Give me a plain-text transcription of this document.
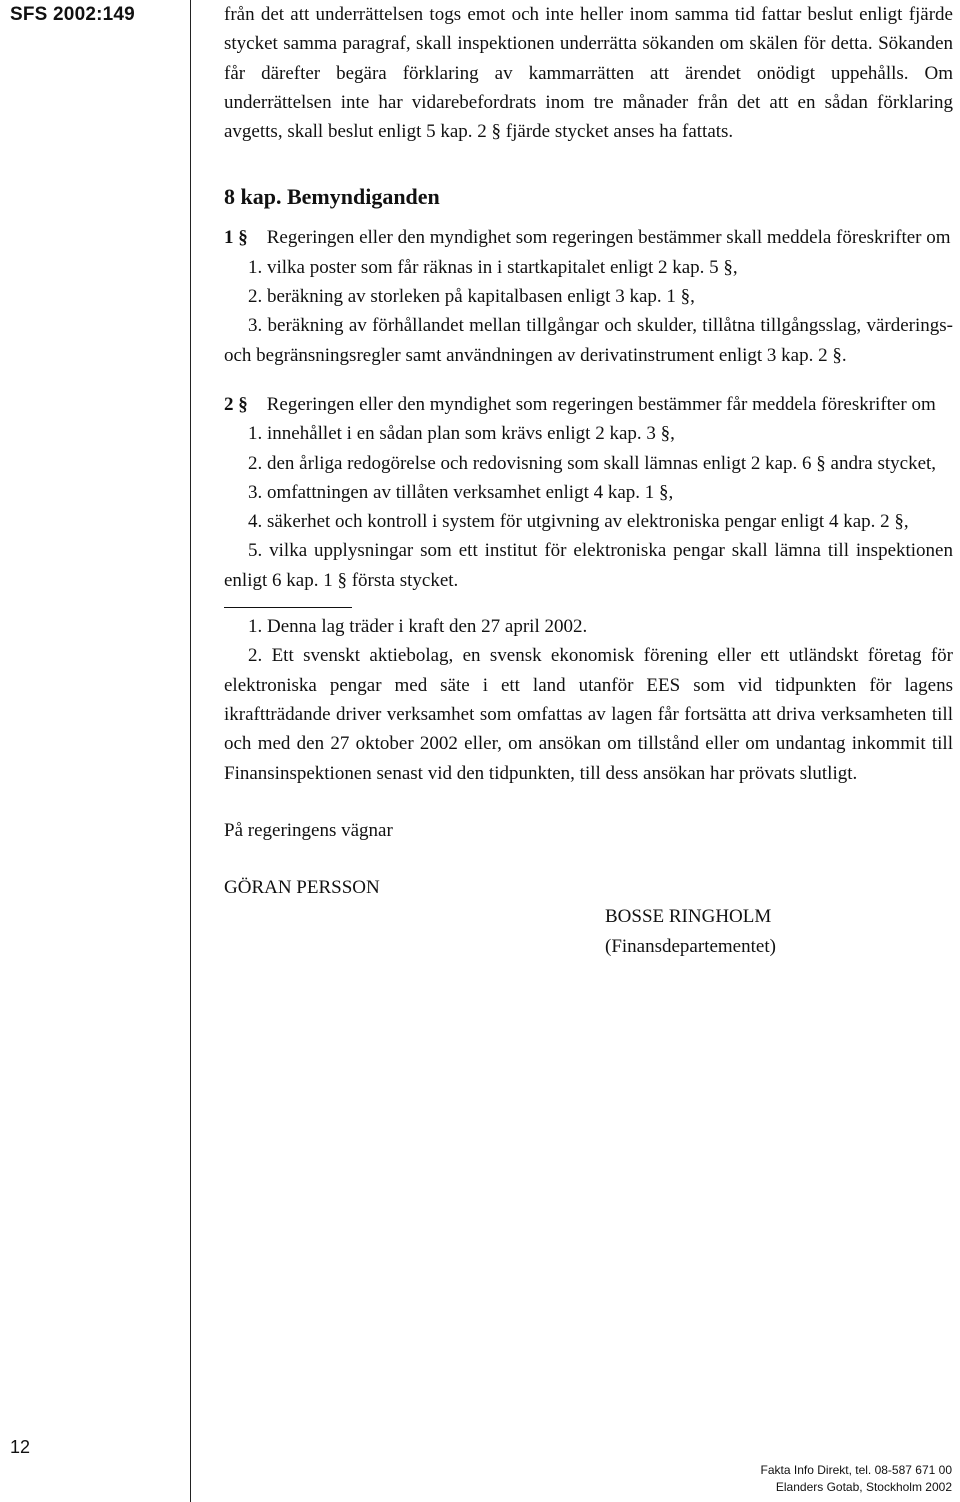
SFS 2002:149
12

från det att underrättelsen togs emot och inte heller inom samma tid fattar beslut enligt fjärde stycket samma paragraf, skall inspektionen underrätta sökanden om skälen för detta. Sökanden får därefter begära förklaring av kammarrätten att ärendet onödigt uppehålls. Om underrättelsen inte har vidarebefordrats inom tre månader från det att en sådan förklaring avgetts, skall beslut enligt 5 kap. 2 § fjärde stycket anses ha fattats.

8 kap. Bemyndiganden

1 § Regeringen eller den myndighet som regeringen bestämmer skall meddela föreskrifter om

1. vilka poster som får räknas in i startkapitalet enligt 2 kap. 5 §,

2. beräkning av storleken på kapitalbasen enligt 3 kap. 1 §,

3. beräkning av förhållandet mellan tillgångar och skulder, tillåtna tillgångsslag, värderings- och begränsningsregler samt användningen av derivatinstrument enligt 3 kap. 2 §.

2 § Regeringen eller den myndighet som regeringen bestämmer får meddela föreskrifter om

1. innehållet i en sådan plan som krävs enligt 2 kap. 3 §,

2. den årliga redogörelse och redovisning som skall lämnas enligt 2 kap. 6 § andra stycket,

3. omfattningen av tillåten verksamhet enligt 4 kap. 1 §,

4. säkerhet och kontroll i system för utgivning av elektroniska pengar enligt 4 kap. 2 §,

5. vilka upplysningar som ett institut för elektroniska pengar skall lämna till inspektionen enligt 6 kap. 1 § första stycket.

1. Denna lag träder i kraft den 27 april 2002.

2. Ett svenskt aktiebolag, en svensk ekonomisk förening eller ett utländskt företag för elektroniska pengar med säte i ett land utanför EES som vid tidpunkten för lagens ikraftträdande driver verksamhet som omfattas av lagen får fortsätta att driva verksamheten till och med den 27 oktober 2002 eller, om ansökan om tillstånd eller om undantag inkommit till Finansinspektionen senast vid den tidpunkten, till dess ansökan har prövats slutligt.

På regeringens vägnar

GÖRAN PERSSON

BOSSE RINGHOLM

(Finansdepartementet)

Fakta Info Direkt, tel. 08-587 671 00
Elanders Gotab, Stockholm 2002
